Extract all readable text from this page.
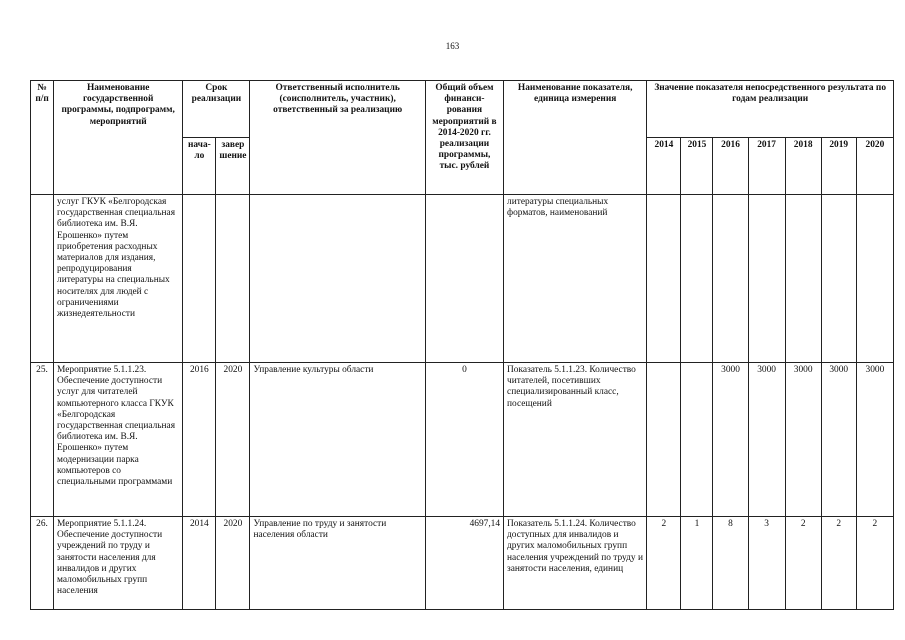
163
№ п/п	Наименование государственной программы, подпрограмм, мероприятий	Срок реализации		Ответственный исполнитель (соисполнитель, участник), ответственный за реализацию	Общий объем финанси-рования мероприятий в 2014-2020 гг. реализации программы, тыс. рублей	Наименование показателя, единица измерения	Значение показателя непосредственного результата по годам реализации						
		нача-ло	завер шение				2014	2015	2016	2017	2018	2019	2020
	услуг ГКУК «Белгородская государственная специальная библиотека им. В.Я. Ерошенко» путем приобретения расходных материалов для издания, репродуцирования литературы на специальных носителях для людей с ограничениями жизнедеятельности					литературы специальных форматов, наименований							
25.	Мероприятие 5.1.1.23. Обеспечение доступности услуг для читателей компьютерного класса ГКУК «Белгородская государственная специальная библиотека им. В.Я. Ерошенко» путем модернизации парка компьютеров со специальными программами	2016	2020	Управление культуры области	0	Показатель 5.1.1.23. Количество читателей, посетивших специализированный класс, посещений			3000	3000	3000	3000	3000
26.	Мероприятие 5.1.1.24. Обеспечение доступности учреждений по труду и занятости населения для инвалидов и других маломобильных групп населения	2014	2020	Управление по труду и занятости населения области	4697,14	Показатель 5.1.1.24. Количество доступных для инвалидов и других маломобильных групп населения учреждений по труду и занятости населения, единиц	2	1	8	3	2	2	2
